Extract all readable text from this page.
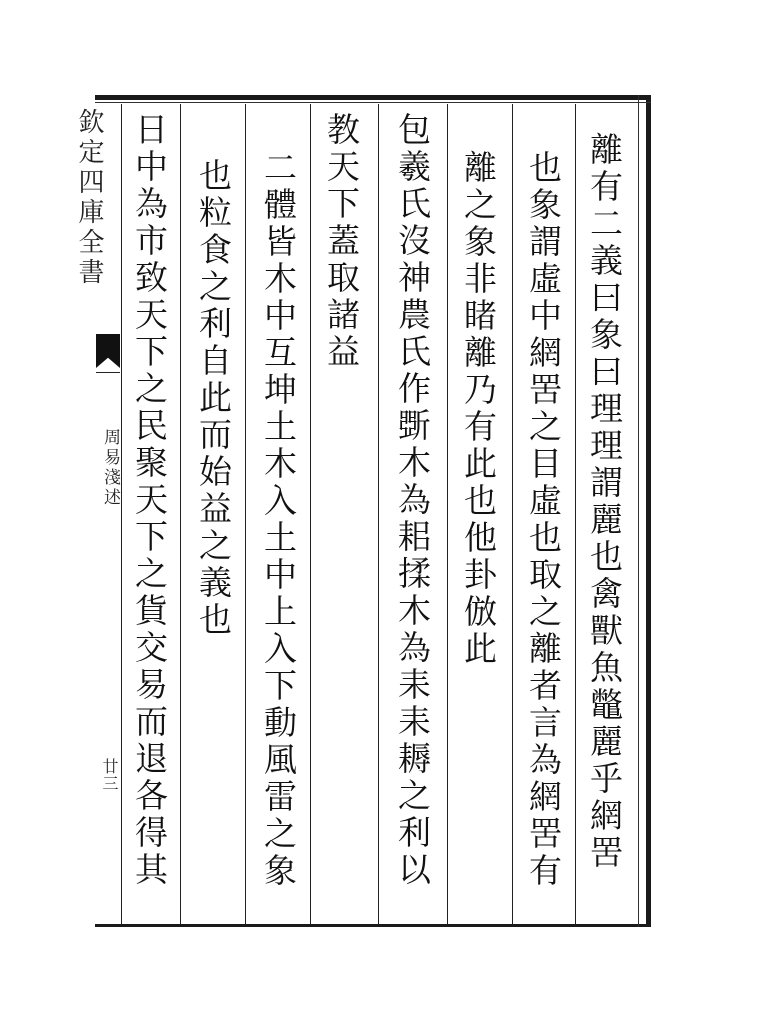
欽定四庫全書
周易淺述
廿三	離有二義曰象曰理理謂麗也禽獸魚鼈麗乎網罟
也象謂虛中網罟之目虛也取之離者言為網罟有
離之象非睹離乃有此也他卦倣此
包羲氏沒神農氏作斲木為耜揉木為耒耒耨之利以
教天下蓋取諸益
二體皆木中互坤土木入土中上入下動風雷之象
也粒食之利自此而始益之義也
日中為市致天下之民聚天下之貨交易而退各得其
